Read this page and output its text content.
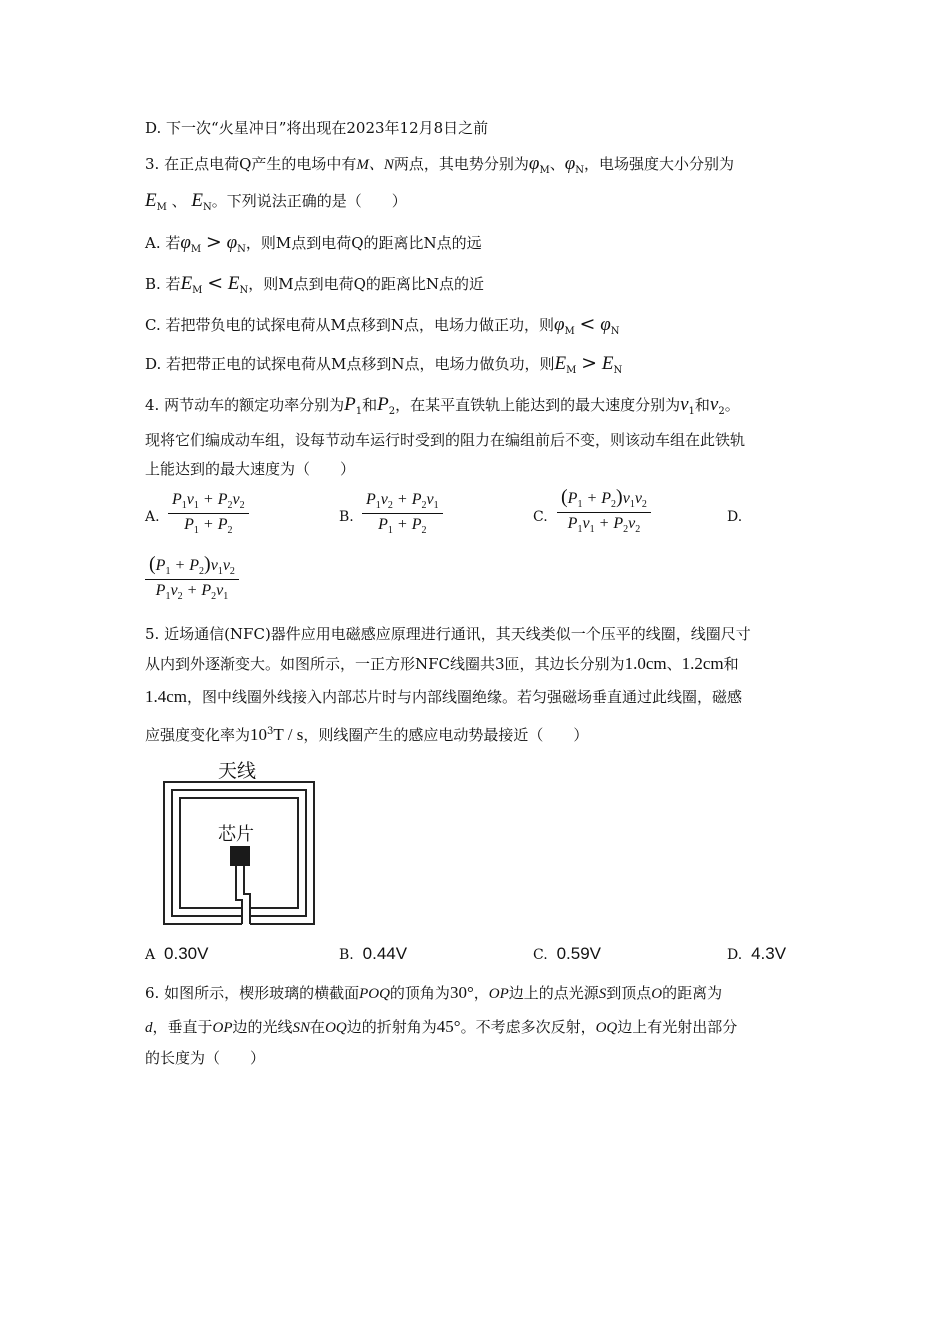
D. 下一次“火星冲日”将出现在2023年12月8日之前
3. 在正点电荷Q产生的电场中有M、N两点，其电势分别为$\varphi_M$、$\varphi_N$，电场强度大小分别为
$E_M$ 、 $E_N$。下列说法正确的是（　　）
A. 若$\varphi_M > \varphi_N$，则M点到电荷Q的距离比N点的远
B. 若$E_M < E_N$，则M点到电荷Q的距离比N点的近
C. 若把带负电的试探电荷从M点移到N点，电场力做正功，则$\varphi_M < \varphi_N$
D. 若把带正电的试探电荷从M点移到N点，电场力做负功，则$E_M > E_N$
4. 两节动车的额定功率分别为$P_1$和$P_2$，在某平直铁轨上能达到的最大速度分别为$v_1$和$v_2$。
现将它们编成动车组，设每节动车运行时受到的阻力在编组前后不变，则该动车组在此铁轨
上能达到的最大速度为（　　）
A. $\frac{P_1v_1 + P_2v_2}{P_1 + P_2}$	B. $\frac{P_1v_2 + P_2v_1}{P_1 + P_2}$	C. $\frac{(P_1 + P_2)v_1v_2}{P_1v_1 + P_2v_2}$	D.
$\frac{(P_1 + P_2)v_1v_2}{P_1v_2 + P_2v_1}$
5. 近场通信(NFC)器件应用电磁感应原理进行通讯，其天线类似一个压平的线圈，线圈尺寸
从内到外逐渐变大。如图所示，一正方形NFC线圈共3匝，其边长分别为1.0cm、1.2cm和
1.4cm，图中线圈外线接入内部芯片时与内部线圈绝缘。若匀强磁场垂直通过此线圈，磁感
应强度变化率为$10^3T$ / s，则线圈产生的感应电动势最接近（　　）
天线
芯片
A 0.30V	B. 0.44V	C. 0.59V	D. 4.3V
6. 如图所示，楔形玻璃的横截面POQ的顶角为30°，OP边上的点光源S到顶点O的距离为
d，垂直于OP边的光线SN在OQ边的折射角为45°。不考虑多次反射，OQ边上有光射出部分
的长度为（　　）
